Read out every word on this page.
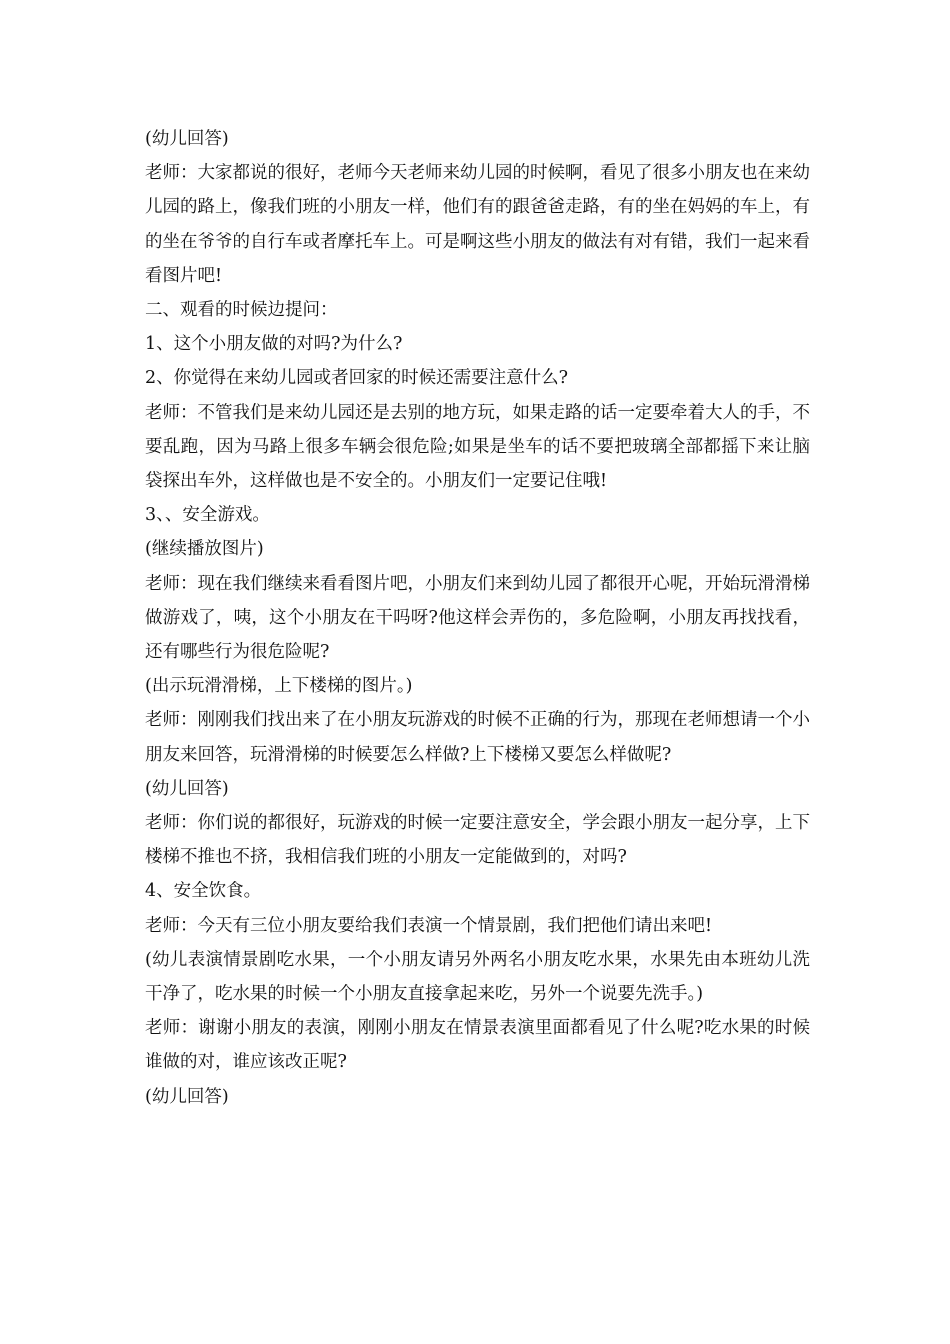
(幼儿回答)

老师：大家都说的很好，老师今天老师来幼儿园的时候啊，看见了很多小朋友也在来幼儿园的路上，像我们班的小朋友一样，他们有的跟爸爸走路，有的坐在妈妈的车上，有的坐在爷爷的自行车或者摩托车上。可是啊这些小朋友的做法有对有错，我们一起来看看图片吧!

二、观看的时候边提问：

1、这个小朋友做的对吗?为什么?

2、你觉得在来幼儿园或者回家的时候还需要注意什么?

老师：不管我们是来幼儿园还是去别的地方玩，如果走路的话一定要牵着大人的手，不要乱跑，因为马路上很多车辆会很危险;如果是坐车的话不要把玻璃全部都摇下来让脑袋探出车外，这样做也是不安全的。小朋友们一定要记住哦!

3、、安全游戏。

(继续播放图片)

老师：现在我们继续来看看图片吧，小朋友们来到幼儿园了都很开心呢，开始玩滑滑梯做游戏了，咦，这个小朋友在干吗呀?他这样会弄伤的，多危险啊，小朋友再找找看，还有哪些行为很危险呢?

(出示玩滑滑梯，上下楼梯的图片。)

老师：刚刚我们找出来了在小朋友玩游戏的时候不正确的行为，那现在老师想请一个小朋友来回答，玩滑滑梯的时候要怎么样做?上下楼梯又要怎么样做呢?

(幼儿回答)

老师：你们说的都很好，玩游戏的时候一定要注意安全，学会跟小朋友一起分享，上下楼梯不推也不挤，我相信我们班的小朋友一定能做到的，对吗?

4、安全饮食。

老师：今天有三位小朋友要给我们表演一个情景剧，我们把他们请出来吧!

(幼儿表演情景剧吃水果，一个小朋友请另外两名小朋友吃水果，水果先由本班幼儿洗干净了，吃水果的时候一个小朋友直接拿起来吃，另外一个说要先洗手。)

老师：谢谢小朋友的表演，刚刚小朋友在情景表演里面都看见了什么呢?吃水果的时候谁做的对，谁应该改正呢?

(幼儿回答)
